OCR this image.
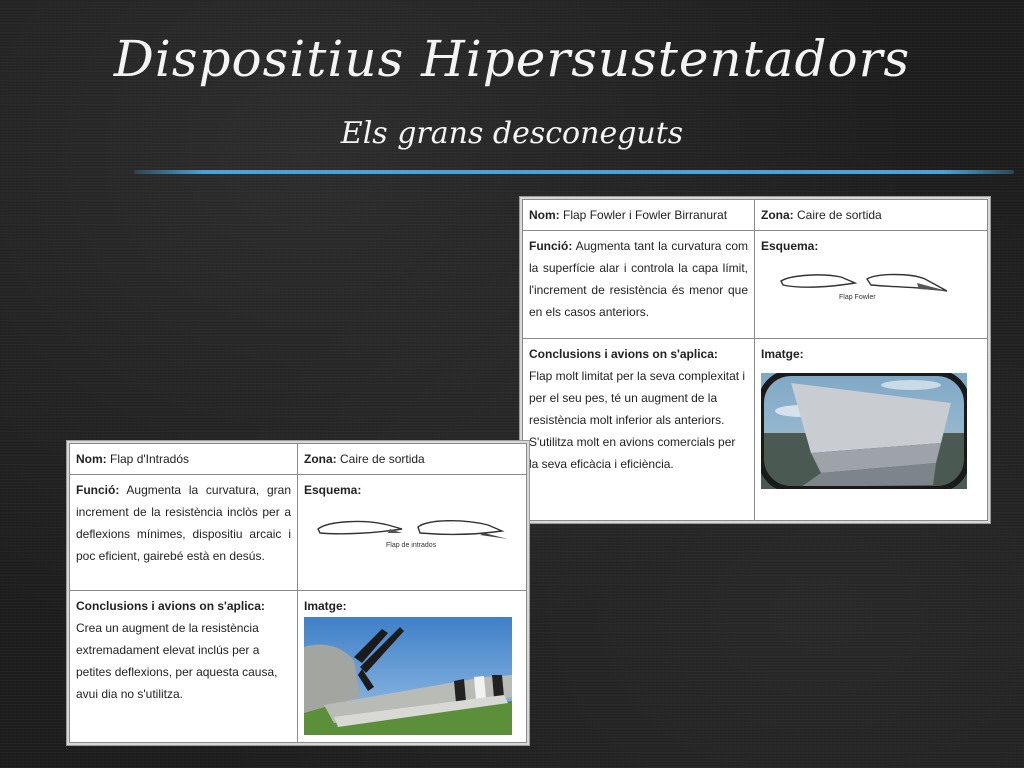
Dispositius Hipersustentadors
Els grans desconeguts
Nom: Flap Fowler i Fowler Birranurat	Zona: Caire de sortida
Funció: Augmenta tant la curvatura com la superfície alar i controla la capa límit, l'increment de resistència és menor que en els casos anteriors.	Esquema:
Flap Fowler

Conclusions i avions on s'aplica:
Flap molt limitat per la seva complexitat i per el seu pes, té un augment de la resistència molt inferior als anteriors. S'utilitza molt en avions comercials per la seva eficàcia i eficiència.	Imatge:
Nom: Flap d'Intradós	Zona: Caire de sortida
Funció: Augmenta la curvatura, gran increment de la resistència inclòs per a deflexions mínimes, dispositiu arcaic i poc eficient, gairebé està en desús.	Esquema:
Flap de intrados

Conclusions i avions on s'aplica:
Crea un augment de la resistència extremadament elevat inclús per a petites deflexions, per aquesta causa, avui dia no s'utilitza.	Imatge:
